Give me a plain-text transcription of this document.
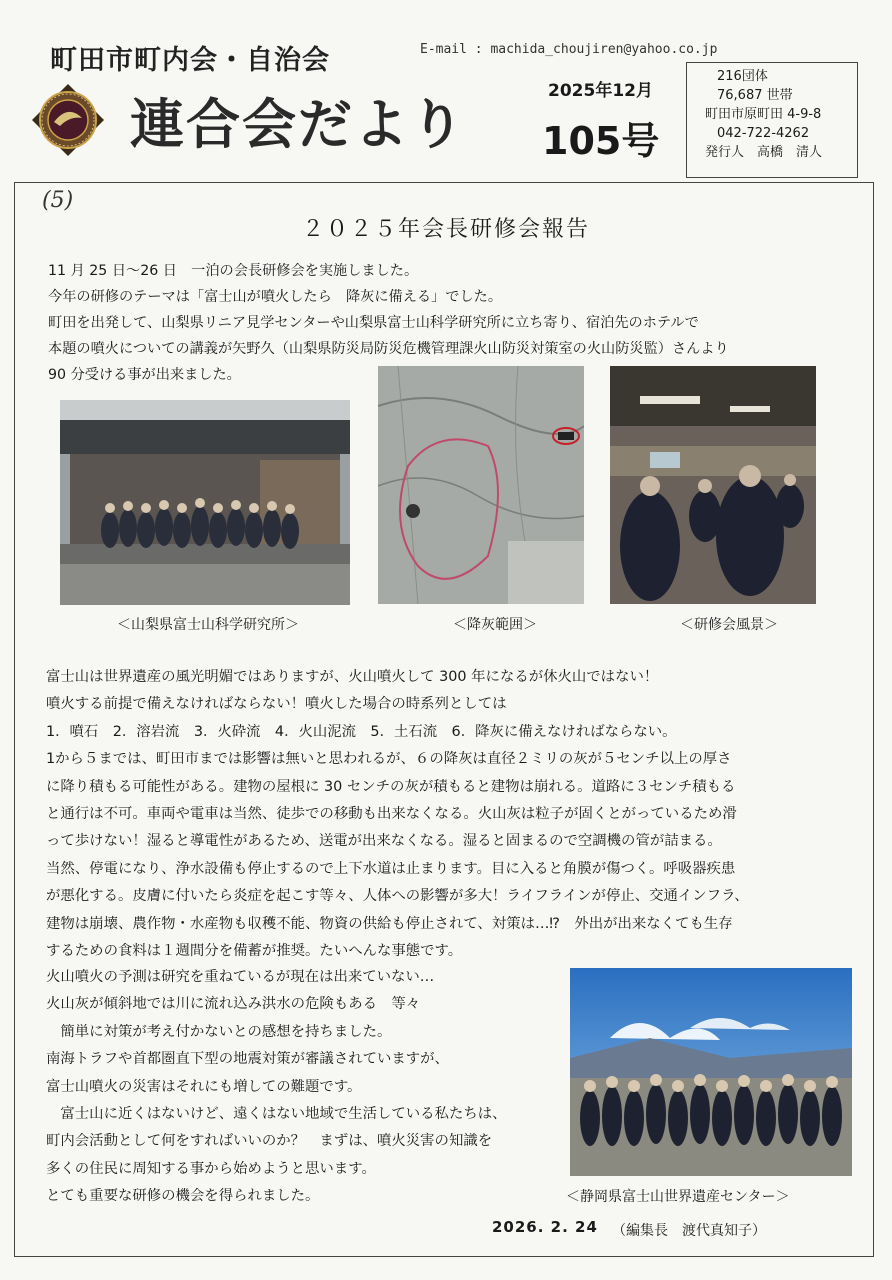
町田市町内会・自治会	E-mail : machida_choujiren@yahoo.co.jp
連合会だより
2025年12月
105号
216団体
76,687 世帯
町田市原町田 4-9-8
042-722-4262
発行人　高橋　清人
(5)
２０２５年会長研修会報告
11 月 25 日～26 日　一泊の会長研修会を実施しました。
今年の研修のテーマは「富士山が噴火したら　降灰に備える」でした。
町田を出発して、山梨県リニア見学センターや山梨県富士山科学研究所に立ち寄り、宿泊先のホテルで
本題の噴火についての講義が矢野久（山梨県防災局防災危機管理課火山防災対策室の火山防災監）さんより
90 分受ける事が出来ました。
＜山梨県富士山科学研究所＞	＜降灰範囲＞	＜研修会風景＞
富士山は世界遺産の風光明媚ではありますが、火山噴火して 300 年になるが休火山ではない！
噴火する前提で備えなければならない！噴火した場合の時系列としては
1．噴石　2．溶岩流　3．火砕流　4．火山泥流　5．土石流　6．降灰に備えなければならない。
1から５までは、町田市までは影響は無いと思われるが、６の降灰は直径２ミリの灰が５センチ以上の厚さ
に降り積もる可能性がある。建物の屋根に 30 センチの灰が積もると建物は崩れる。道路に３センチ積もる
と通行は不可。車両や電車は当然、徒歩での移動も出来なくなる。火山灰は粒子が固くとがっているため滑
って歩けない！湿ると導電性があるため、送電が出来なくなる。湿ると固まるので空調機の管が詰まる。
当然、停電になり、浄水設備も停止するので上下水道は止まります。目に入ると角膜が傷つく。呼吸器疾患
が悪化する。皮膚に付いたら炎症を起こす等々、人体への影響が多大！ライフラインが停止、交通インフラ、
建物は崩壊、農作物・水産物も収穫不能、物資の供給も停止されて、対策は…⁉　外出が出来なくても生存
するための食料は１週間分を備蓄が推奨。たいへんな事態です。
火山噴火の予測は研究を重ねているが現在は出来ていない…
火山灰が傾斜地では川に流れ込み洪水の危険もある　等々
　簡単に対策が考え付かないとの感想を持ちました。
南海トラフや首都圏直下型の地震対策が審議されていますが、
富士山噴火の災害はそれにも増しての難題です。
　富士山に近くはないけど、遠くはない地域で生活している私たちは、
町内会活動として何をすればいいのか？　まずは、噴火災害の知識を
多くの住民に周知する事から始めようと思います。
とても重要な研修の機会を得られました。	＜静岡県富士山世界遺産センター＞
2026. 2. 24 （編集長　渡代真知子）
